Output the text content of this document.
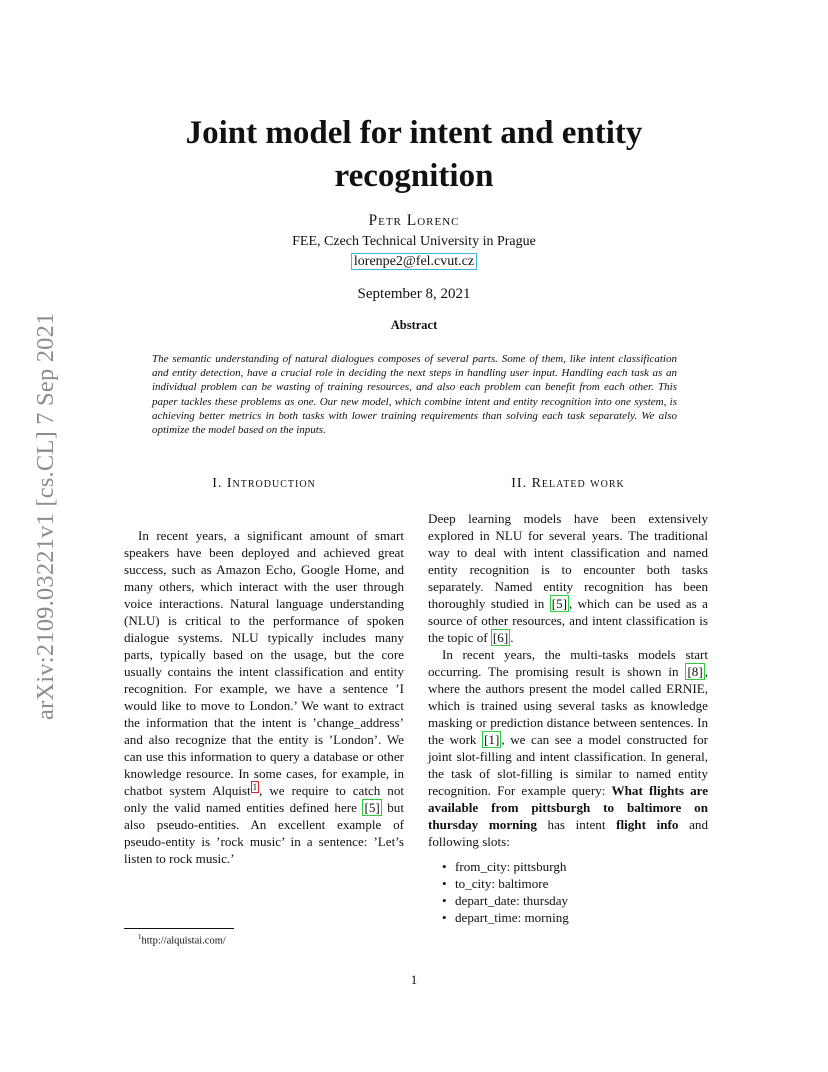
arXiv:2109.03221v1 [cs.CL] 7 Sep 2021
Joint model for intent and entity recognition
Petr Lorenc
FEE, Czech Technical University in Prague
lorenpe2@fel.cvut.cz
September 8, 2021
Abstract

The semantic understanding of natural dialogues composes of several parts. Some of them, like intent classification and entity detection, have a crucial role in deciding the next steps in handling user input. Handling each task as an individual problem can be wasting of training resources, and also each problem can benefit from each other. This paper tackles these problems as one. Our new model, which combine intent and entity recognition into one system, is achieving better metrics in both tasks with lower training requirements than solving each task separately. We also optimize the model based on the inputs.

I. Introduction	II. Related work

In recent years, a significant amount of smart speakers have been deployed and achieved great success, such as Amazon Echo, Google Home, and many others, which interact with the user through voice interactions. Natural language understanding (NLU) is critical to the performance of spoken dialogue systems. NLU typically includes many parts, typically based on the usage, but the core usually contains the intent classification and entity recognition. For example, we have a sentence ’I would like to move to London.’ We want to extract the information that the intent is ’change_address’ and also recognize that the entity is ’London’. We can use this information to query a database or other knowledge resource. In some cases, for example, in chatbot system Alquist $^1$ , we require to catch not only the valid named entities defined here [5] but also pseudo-entities. An excellent example of pseudo-entity is ’rock music’ in a sentence: ’Let’s listen to rock music.’

Deep learning models have been extensively explored in NLU for several years. The traditional way to deal with intent classification and named entity recognition is to encounter both tasks separately. Named entity recognition has been thoroughly studied in [5] , which can be used as a source of other resources, and intent classification is the topic of [6] .

In recent years, the multi-tasks models start occurring. The promising result is shown in [8] , where the authors present the model called ERNIE, which is trained using several tasks as knowledge masking or prediction distance between sentences. In the work [1] , we can see a model constructed for joint slot-filling and intent classification. In general, the task of slot-filling is similar to named entity recognition. For example query: What flights are available from pittsburgh to baltimore on thursday morning has intent flight info and following slots:

• from_city: pittsburgh
• to_city: baltimore
• depart_date: thursday
• depart_time: morning
$^1$http://alquistai.com/
1
